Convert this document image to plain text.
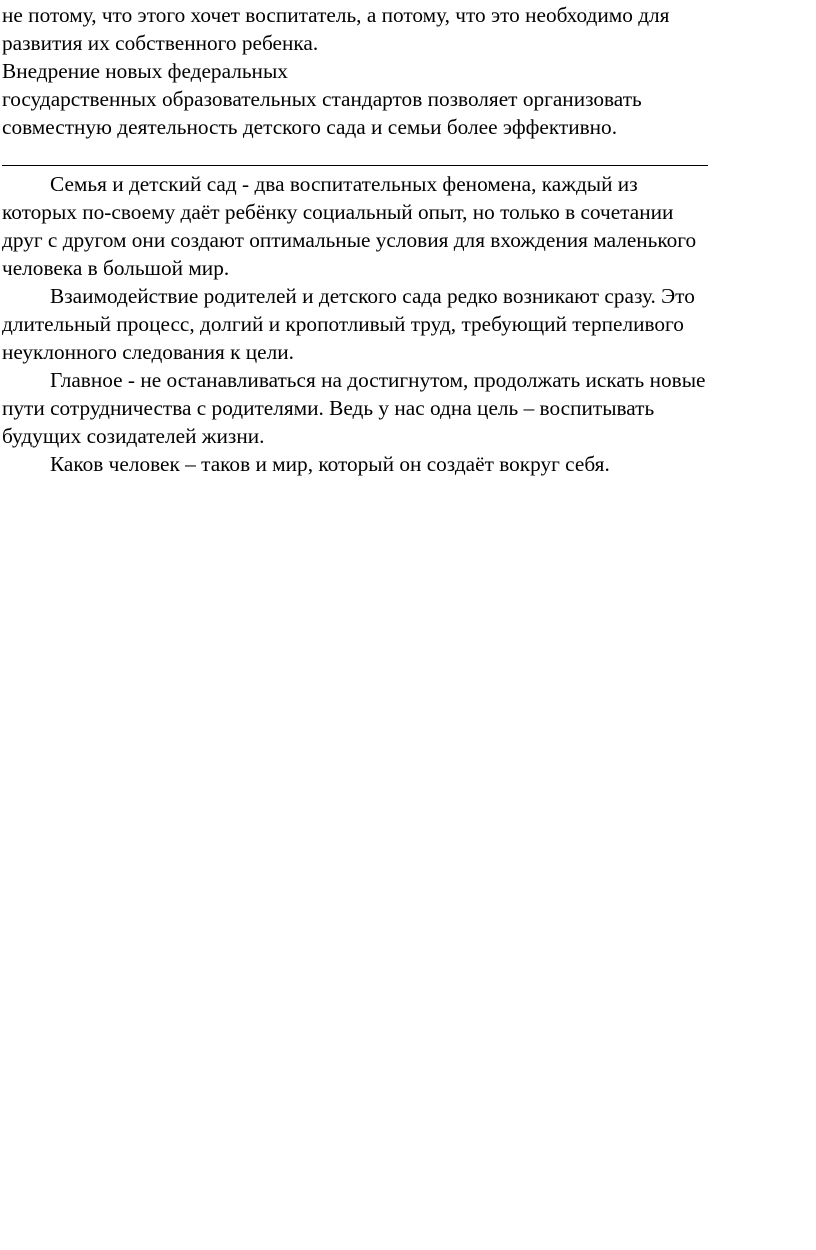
не потому, что этого хочет воспитатель, а потому, что это необходимо для
развития их собственного ребенка.
Внедрение новых федеральных
государственных образовательных стандартов позволяет организовать
совместную деятельность детского сада и семьи более эффективно.
Семья и детский сад - два воспитательных феномена, каждый из
которых по-своему даёт ребёнку социальный опыт, но только в сочетании
друг с другом они создают оптимальные условия для вхождения маленького
человека в большой мир.
Взаимодействие родителей и детского сада редко возникают сразу. Это
длительный процесс, долгий и кропотливый труд, требующий терпеливого
неуклонного следования к цели.
Главное - не останавливаться на достигнутом, продолжать искать новые
пути сотрудничества с родителями. Ведь у нас одна цель – воспитывать
будущих созидателей жизни.
Каков человек – таков и мир, который он создаёт вокруг себя.
